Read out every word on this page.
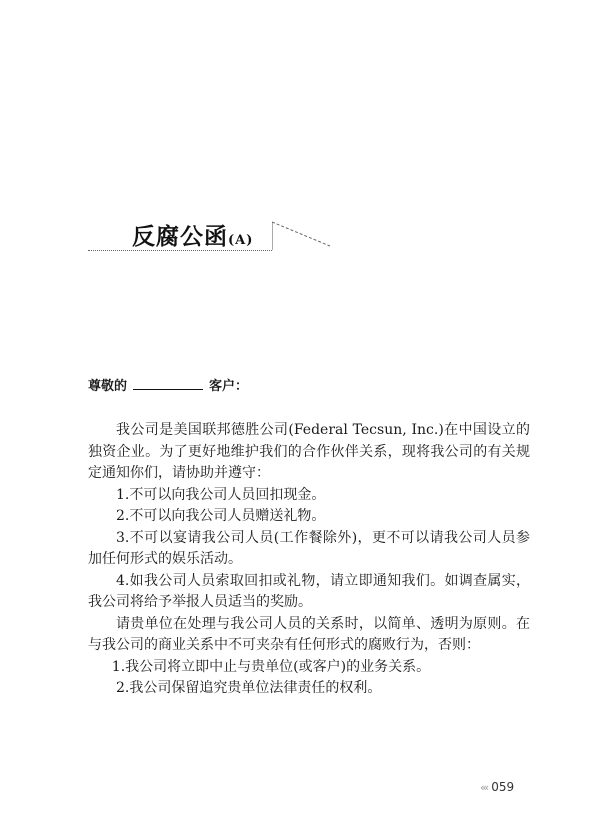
反腐公函(A)
尊敬的	客户：

我公司是美国联邦德胜公司(Federal Tecsun, Inc.)在中国设立的独资企业。为了更好地维护我们的合作伙伴关系，现将我公司的有关规定通知你们，请协助并遵守：

1.不可以向我公司人员回扣现金。

2.不可以向我公司人员赠送礼物。

3.不可以宴请我公司人员(工作餐除外)，更不可以请我公司人员参加任何形式的娱乐活动。

4.如我公司人员索取回扣或礼物，请立即通知我们。如调查属实，我公司将给予举报人员适当的奖励。

请贵单位在处理与我公司人员的关系时，以简单、透明为原则。在与我公司的商业关系中不可夹杂有任何形式的腐败行为，否则：

1.我公司将立即中止与贵单位(或客户)的业务关系。

2.我公司保留追究贵单位法律责任的权利。

‹‹‹ 059
